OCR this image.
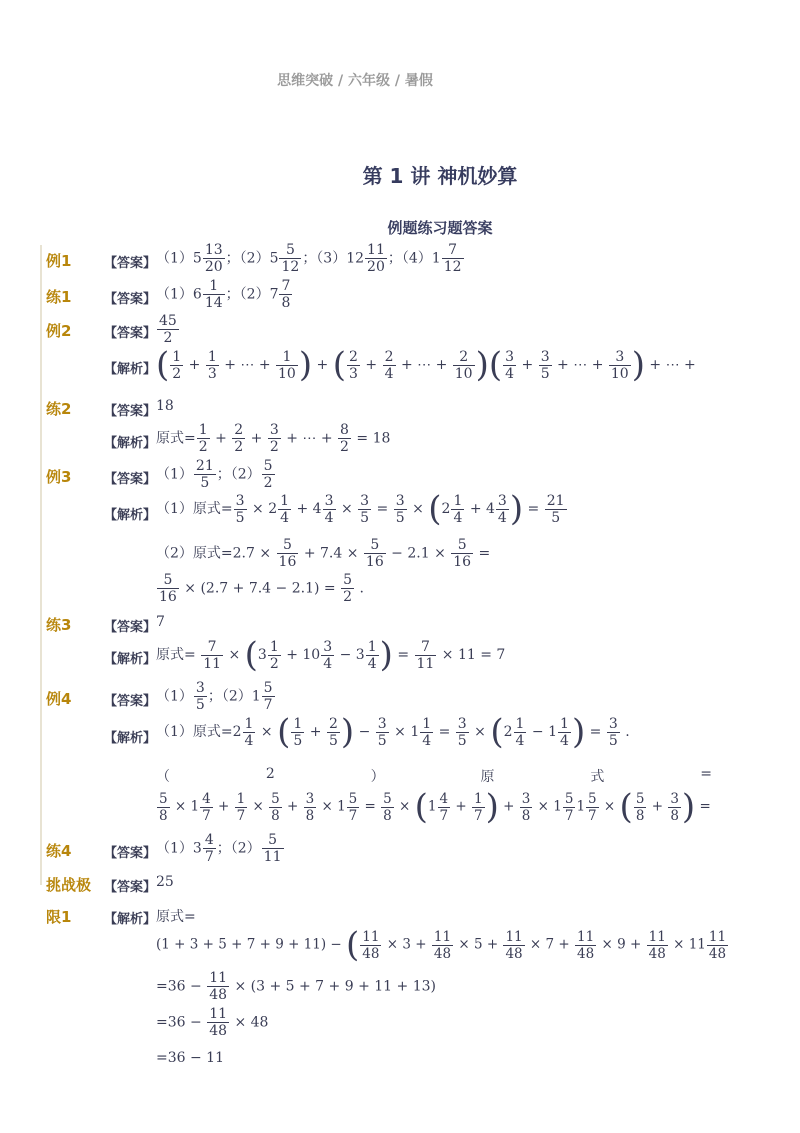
思维突破 / 六年级 / 暑假
第 1 讲 神机妙算
例题练习题答案
例1	【答案】 $(1)5 \frac{13}{20}$ ；$(2)5 \frac{5}{12}$ ；$(3)12 \frac{11}{20}$ ；$(4)1 \frac{7}{12}$
练1	【答案】 $(1)6 \frac{1}{14}$ ；$(2)7 \frac{7}{8}$
例2	【答案】 $\frac{45}{2}$
【解析】 ( $\frac{1}{2} + \frac{1}{3}$ + ⋯ + $\frac{1}{10}$ ) + ( $\frac{2}{3} + \frac{2}{4}$ + ⋯ + $\frac{2}{10}$ )( $\frac{3}{4} + \frac{3}{5}$ + ⋯ + $\frac{3}{10}$ ) + ⋯ +
练2	【答案】 18
【解析】 原式= $\frac{1}{2} + \frac{2}{2} + \frac{3}{2}$ + ⋯ + $\frac{8}{2} = 18$
例3	【答案】 $(1) \frac{21}{5}$ ；$(2) \frac{5}{2}$
【解析】 （1）原式= $\frac{3}{5} \times 2 \frac{1}{4} + 4 \frac{3}{4} \times \frac{3}{5} = \frac{3}{5} \times (2 \frac{1}{4} + 4 \frac{3}{4}$ ) = $\frac{21}{5}$
（2）原式$=2.7 \times \frac{5}{16} + 7.4 \times \frac{5}{16} - 2.1 \times \frac{5}{16}$ =
$\frac{5}{16} \times (2.7 + 7.4 - 2.1) = \frac{5}{2}$ .
练3	【答案】 7
【解析】 原式= $\frac{7}{11} \times (3 \frac{1}{2} + 10 \frac{3}{4} - 3 \frac{1}{4}$ ) = $\frac{7}{11} \times 11 = 7$
例4	【答案】 $(1) \frac{3}{5}$ ；$(2)1 \frac{5}{7}$
【解析】 （1）原式$=2 \frac{1}{4}$ × ( $\frac{1}{5} + \frac{2}{5}$ ) − $\frac{3}{5} \times 1 \frac{1}{4} = \frac{3}{5} \times (2 \frac{1}{4} - 1 \frac{1}{4}$ ) = $\frac{3}{5}$ .
（	2	）	原	式	=
$\frac{5}{8} \times 1 \frac{4}{7} + \frac{1}{7} \times \frac{5}{8} + \frac{3}{8} \times 1 \frac{5}{7} = \frac{5}{8} \times (1 \frac{4}{7} + \frac{1}{7}$ ) + $\frac{3}{8} \times 1 \frac{5}{7} 1 \frac{5}{7}$ × ( $\frac{5}{8} + \frac{3}{8}$ ) =
练4	【答案】 $(1)3 \frac{4}{7}$ ；$(2) \frac{5}{11}$
挑战极 【答案】 25
限1	【解析】 原式=
(1 + 3 + 5 + 7 + 9 + 11) − ( $\frac{11}{48} \times 3 + \frac{11}{48} \times 5 + \frac{11}{48} \times 7 + \frac{11}{48} \times 9 + \frac{11}{48} \times 11 \frac{11}{48}$
$=36 - \frac{11}{48} \times (3 + 5 + 7 + 9 + 11 + 13)$
$=36 - \frac{11}{48} \times 48$
=36 − 11
